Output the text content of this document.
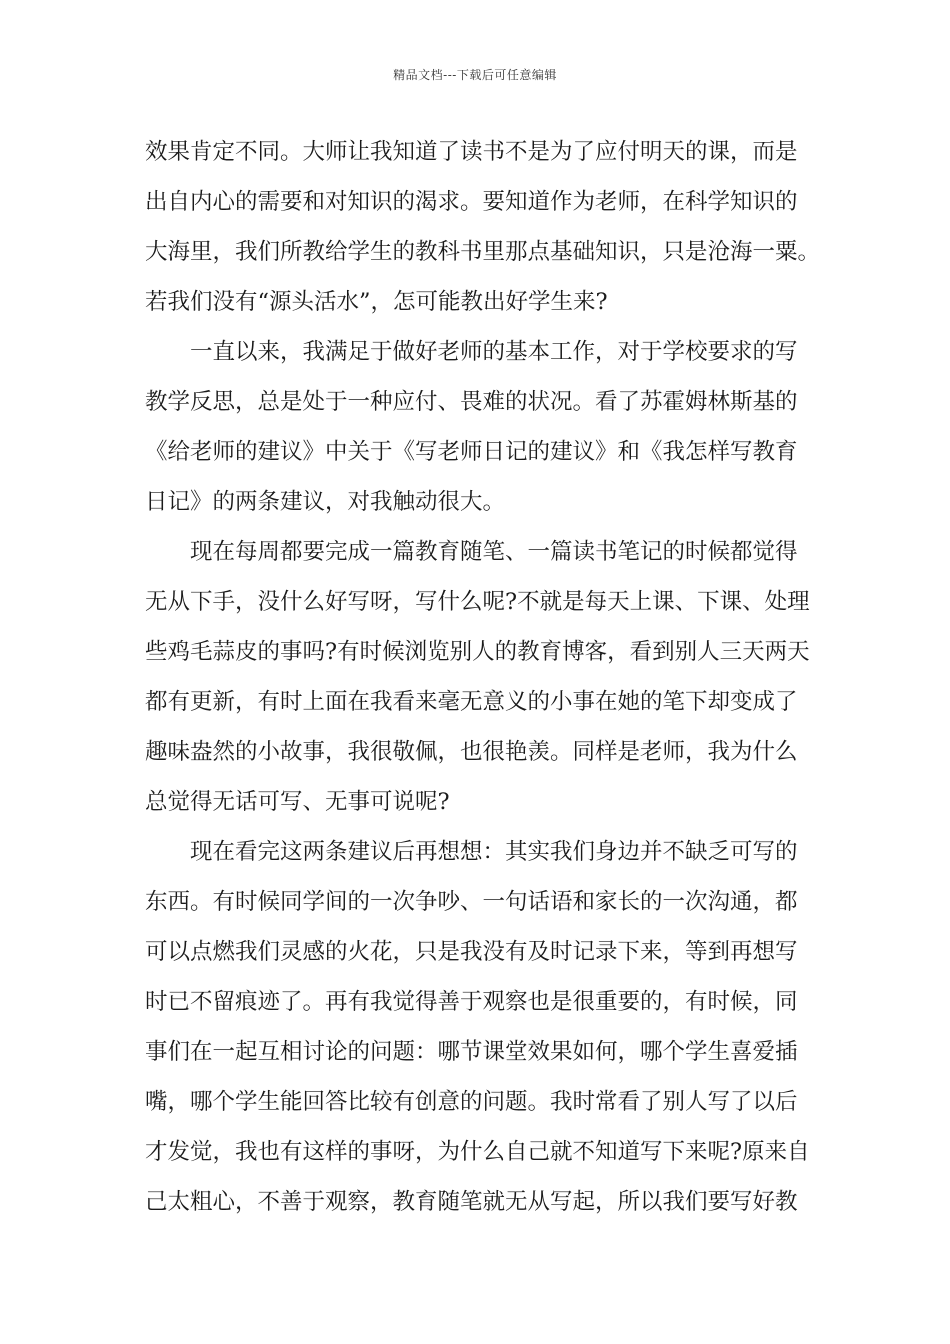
精品文档---下载后可任意编辑
效果肯定不同。大师让我知道了读书不是为了应付明天的课，而是
出自内心的需要和对知识的渴求。要知道作为老师，在科学知识的
大海里，我们所教给学生的教科书里那点基础知识，只是沧海一粟。
若我们没有“源头活水”，怎可能教出好学生来?
一直以来，我满足于做好老师的基本工作，对于学校要求的写
教学反思，总是处于一种应付、畏难的状况。看了苏霍姆林斯基的
《给老师的建议》中关于《写老师日记的建议》和《我怎样写教育
日记》的两条建议，对我触动很大。
现在每周都要完成一篇教育随笔、一篇读书笔记的时候都觉得
无从下手，没什么好写呀，写什么呢?不就是每天上课、下课、处理
些鸡毛蒜皮的事吗?有时候浏览别人的教育博客，看到别人三天两天
都有更新，有时上面在我看来毫无意义的小事在她的笔下却变成了
趣味盎然的小故事，我很敬佩，也很艳羡。同样是老师，我为什么
总觉得无话可写、无事可说呢?
现在看完这两条建议后再想想：其实我们身边并不缺乏可写的
东西。有时候同学间的一次争吵、一句话语和家长的一次沟通，都
可以点燃我们灵感的火花，只是我没有及时记录下来，等到再想写
时已不留痕迹了。再有我觉得善于观察也是很重要的，有时候，同
事们在一起互相讨论的问题：哪节课堂效果如何，哪个学生喜爱插
嘴，哪个学生能回答比较有创意的问题。我时常看了别人写了以后
才发觉，我也有这样的事呀，为什么自己就不知道写下来呢?原来自
己太粗心，不善于观察，教育随笔就无从写起，所以我们要写好教
